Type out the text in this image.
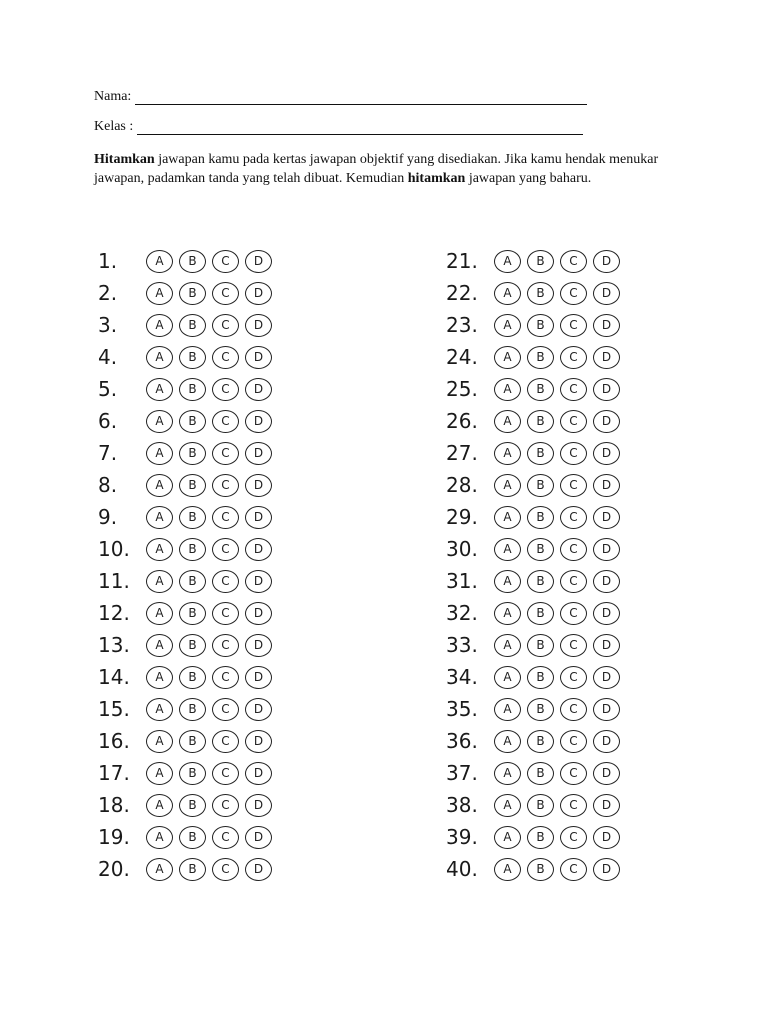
Nama:
Kelas :
Hitamkan jawapan kamu pada kertas jawapan objektif yang disediakan. Jika kamu hendak menukar jawapan, padamkan tanda yang telah dibuat. Kemudian hitamkan jawapan yang baharu.
1.	A	B	C	D
2.	A	B	C	D
3.	A	B	C	D
4.	A	B	C	D
5.	A	B	C	D
6.	A	B	C	D
7.	A	B	C	D
8.	A	B	C	D
9.	A	B	C	D
10.	A	B	C	D
11.	A	B	C	D
12.	A	B	C	D
13.	A	B	C	D
14.	A	B	C	D
15.	A	B	C	D
16.	A	B	C	D
17.	A	B	C	D
18.	A	B	C	D
19.	A	B	C	D
20.	A	B	C	D
21.	A	B	C	D
22.	A	B	C	D
23.	A	B	C	D
24.	A	B	C	D
25.	A	B	C	D
26.	A	B	C	D
27.	A	B	C	D
28.	A	B	C	D
29.	A	B	C	D
30.	A	B	C	D
31.	A	B	C	D
32.	A	B	C	D
33.	A	B	C	D
34.	A	B	C	D
35.	A	B	C	D
36.	A	B	C	D
37.	A	B	C	D
38.	A	B	C	D
39.	A	B	C	D
40.	A	B	C	D
